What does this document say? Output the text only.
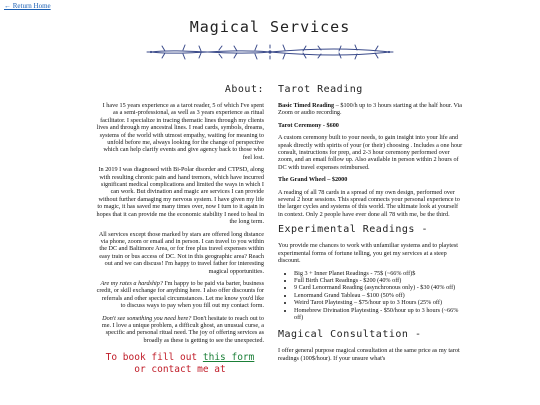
← Return Home
Magical Services
About:

I have 15 years experience as a tarot reader, 5 of which I've spent as a semi-professional, as well as 3 years experience as ritual facilitator. I specialize in tracing thematic lines through my clients lives and through my ancestral lines. I read cards, symbols, dreams, systems of the world with utmost empathy, waiting for meaning to unfold before me, always looking for the change of perspective which can help clarify events and give agency back to those who feel lost.

In 2019 I was diagnosed with Bi-Polar disorder and CTPSD, along with resulting chronic pain and hand tremors, which have incurred significant medical complications and limited the ways in which I can work. But divination and magic are services I can provide without further damaging my nervous system. I have given my life to magic, it has saved me many times over, now I turn to it again in hopes that it can provide me the economic stability I need to heal in the long term.

All services except those marked by stars are offered long distance via phone, zoom or email and in person. I can travel to you within the DC and Baltimore Area, or for free plus travel expenses within easy train or bus access of DC. Not in this geographic area? Reach out and we can discuss! I'm happy to travel father for interesting magical opportunities.

Are my rates a hardship? I'm happy to be paid via barter, business credit, or skill exchange for anything here. I also offer discounts for referrals and other special circumstances. Let me know you'd like to discuss ways to pay when you fill out my contact form.

Don't see something you need here? Don't hesitate to reach out to me. I love a unique problem, a difficult ghost, an unusual curse, a specific and personal ritual need. The joy of offering services as broadly as these is getting to see the unexpected.

To book fill out this form
or contact me at
Tarot Reading

Basic Timed Reading – $100/h up to 3 hours starting at the half hour. Via Zoom or audio recording.

Tarot Ceremony - $600

A custom ceremony built to your needs, to gain insight into your life and speak directly with spirits of your (or their) choosing . Includes a one hour consult, instructions for prep, and 2-3 hour ceremony performed over zoom, and an email follow up. Also available in person within 2 hours of DC with travel expenses reimbursed.

The Grand Wheel – $2000

A reading of all 78 cards in a spread of my own design, performed over several 2 hour sessions. This spread connects your personal experience to the larger cycles and systems of this world. The ultimate look at yourself in context. Only 2 people have ever done all 78 with me, be the third.

Experimental Readings -

You provide me chances to work with unfamiliar systems and to playtest experimental forms of fortune telling, you get my services at a steep discount.

• Big 3 + Inner Planet Readings - 75$ (~66% off)$
• Full Birth Chart Readings - $200 (40% off)
• 9 Card Lenormand Reading (asynchronous only) - $30 (40% off)
• Lenormand Grand Tableau – $100 (50% off)
• Weird Tarot Playtesting – $75/hour up to 3 Hours (25% off)
• Homebrew Divination Playtesting - $50/hour up to 3 hours (~66% off)
Magical Consultation -

I offer general purpose magical consultation at the same price as my tarot readings (100$/hour). If your unsure what's
